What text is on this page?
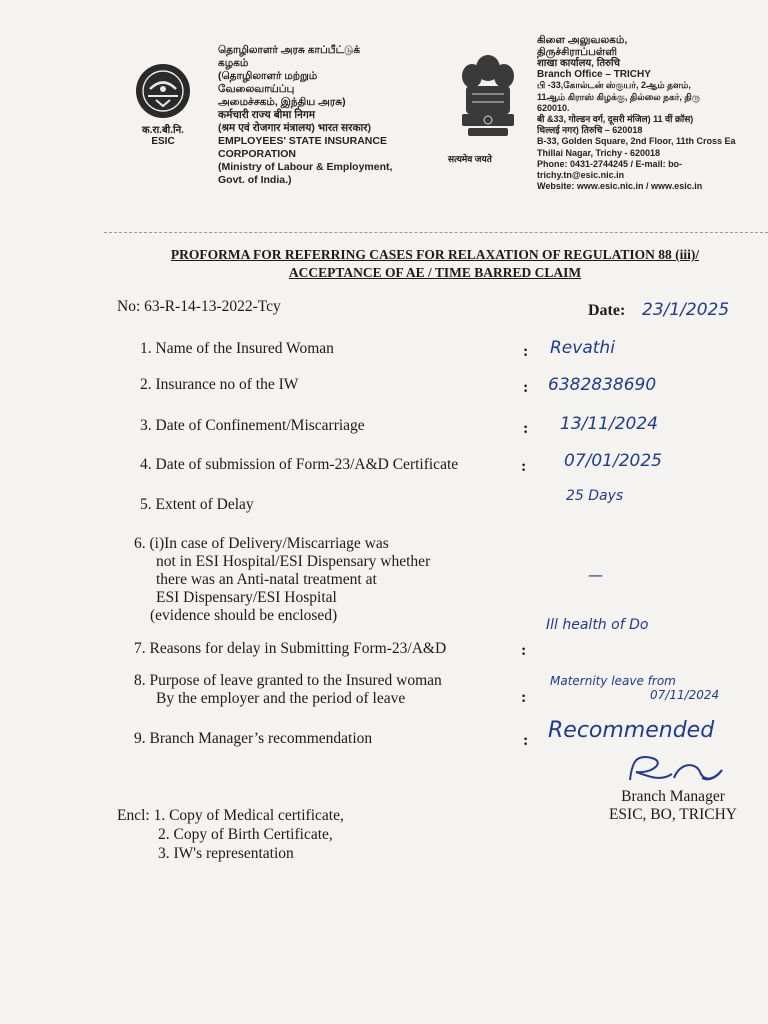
क.रा.बी.नि.
ESIC
தொழிலாளர் அரசு காப்பீட்டுக்
கழகம்
(தொழிலாளர் மற்றும்
வேலைவாய்ப்பு
அமைச்சகம், இந்திய அரசு)
कर्मचारी राज्य बीमा निगम
(श्रम एवं रोजगार मंत्रालय) भारत सरकार)
EMPLOYEES' STATE INSURANCE
CORPORATION
(Ministry of Labour & Employment,
Govt. of India.)
सत्यमेव जयते
கிளை அலுவலகம்,
திருச்சிராப்பள்ளி
शाखा कार्यालय, तिरुचि
Branch Office – TRICHY
பி -33,கோல்டன் ஸ்குயர், 2ஆம் தளம்,
11ஆம் கிராஸ் கிழக்கு, தில்லை நகர், திரு
620010.
बी &33, गोल्डन वर्ग, दूसरी मंजिल) 11 वीं क्रॉस)
थिल्लई नगर) तिरुचि – 620018
B-33, Golden Square, 2nd Floor, 11th Cross Ea
Thillai Nagar, Trichy - 620018
Phone: 0431-2744245 / E-mail: bo-
trichy.tn@esic.nic.in
Website: www.esic.nic.in / www.esic.in
PROFORMA FOR REFERRING CASES FOR RELAXATION OF REGULATION 88 (iii)/
ACCEPTANCE OF AE / TIME BARRED CLAIM
No: 63-R-14-13-2022-Tcy	Date: 23/1/2025
1. Name of the Insured Woman	: Revathi
2. Insurance no of the IW	: 6382838690
3. Date of Confinement/Miscarriage	: 13/11/2024
4. Date of submission of Form-23/A&D Certificate	: 07/01/2025
5. Extent of Delay	25 Days
6. (i)In case of Delivery/Miscarriage was
not in ESI Hospital/ESI Dispensary whether
there was an Anti-natal treatment at
ESI Dispensary/ESI Hospital
(evidence should be enclosed)
—
7. Reasons for delay in Submitting Form-23/A&D	:
Ill health of Do
8. Purpose of leave granted to the Insured woman
By the employer and the period of leave	:
Maternity leave from
07/11/2024
9. Branch Manager’s recommendation	: Recommended
Branch Manager
ESIC, BO, TRICHY
Encl: 1. Copy of Medical certificate,
2. Copy of Birth Certificate,
3. IW's representation
